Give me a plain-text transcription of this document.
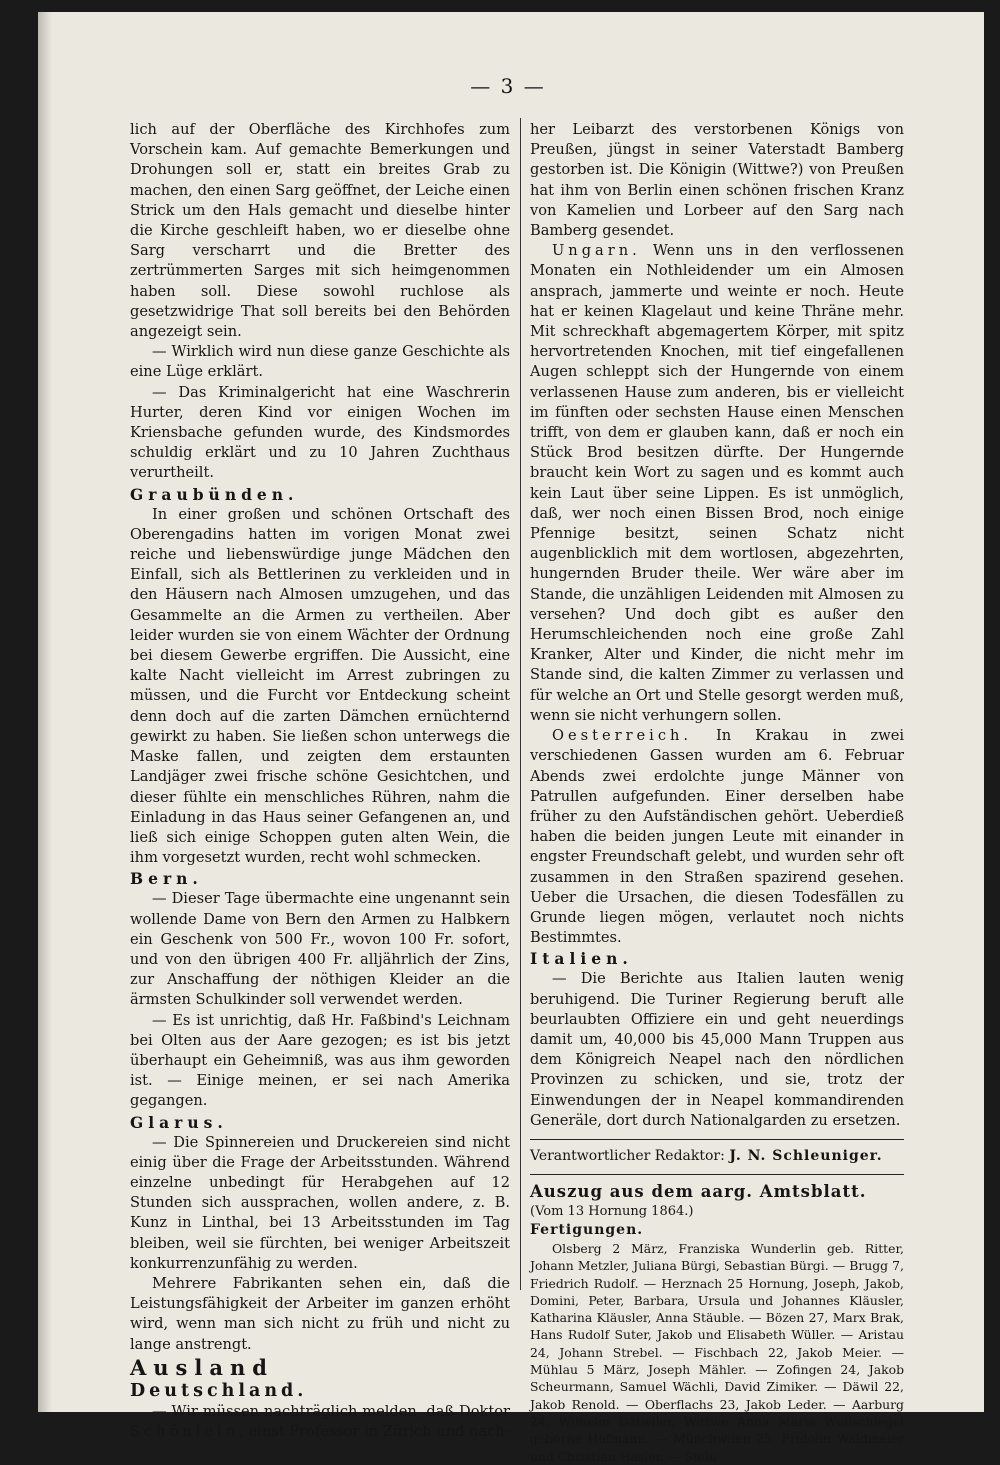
— 3 —

lich auf der Oberfläche des Kirchhofes zum Vorschein kam. Auf gemachte Bemerkungen und Drohungen soll er, statt ein breites Grab zu machen, den einen Sarg geöffnet, der Leiche einen Strick um den Hals gemacht und dieselbe hinter die Kirche geschleift haben, wo er dieselbe ohne Sarg verscharrt und die Bretter des zertrümmerten Sarges mit sich heimgenommen haben soll. Diese sowohl ruchlose als gesetzwidrige That soll bereits bei den Behörden angezeigt sein.

— Wirklich wird nun diese ganze Geschichte als eine Lüge erklärt.

— Das Kriminalgericht hat eine Waschrerin Hurter, deren Kind vor einigen Wochen im Kriensbache gefunden wurde, des Kindsmordes schuldig erklärt und zu 10 Jahren Zuchthaus verurtheilt.

Graubünden.

In einer großen und schönen Ortschaft des Oberengadins hatten im vorigen Monat zwei reiche und liebenswürdige junge Mädchen den Einfall, sich als Bettlerinen zu verkleiden und in den Häusern nach Almosen umzugehen, und das Gesammelte an die Armen zu vertheilen. Aber leider wurden sie von einem Wächter der Ordnung bei diesem Gewerbe ergriffen. Die Aussicht, eine kalte Nacht vielleicht im Arrest zubringen zu müssen, und die Furcht vor Entdeckung scheint denn doch auf die zarten Dämchen ernüchternd gewirkt zu haben. Sie ließen schon unterwegs die Maske fallen, und zeigten dem erstaunten Landjäger zwei frische schöne Gesichtchen, und dieser fühlte ein menschliches Rühren, nahm die Einladung in das Haus seiner Gefangenen an, und ließ sich einige Schoppen guten alten Wein, die ihm vorgesetzt wurden, recht wohl schmecken.

Bern.

— Dieser Tage übermachte eine ungenannt sein wollende Dame von Bern den Armen zu Halbkern ein Geschenk von 500 Fr., wovon 100 Fr. sofort, und von den übrigen 400 Fr. alljährlich der Zins, zur Anschaffung der nöthigen Kleider an die ärmsten Schulkinder soll verwendet werden.

— Es ist unrichtig, daß Hr. Faßbind's Leichnam bei Olten aus der Aare gezogen; es ist bis jetzt überhaupt ein Geheimniß, was aus ihm geworden ist. — Einige meinen, er sei nach Amerika gegangen.

Glarus.

— Die Spinnereien und Druckereien sind nicht einig über die Frage der Arbeitsstunden. Während einzelne unbedingt für Herabgehen auf 12 Stunden sich aussprachen, wollen andere, z. B. Kunz in Linthal, bei 13 Arbeitsstunden im Tag bleiben, weil sie fürchten, bei weniger Arbeitszeit konkurrenzunfähig zu werden.

Mehrere Fabrikanten sehen ein, daß die Leistungsfähigkeit der Arbeiter im ganzen erhöht wird, wenn man sich nicht zu früh und nicht zu lange anstrengt.

Ausland

Deutschland.

— Wir müssen nachträglich melden, daß Doktor Schönlein, einst Professor in Zürich und nach-

her Leibarzt des verstorbenen Königs von Preußen, jüngst in seiner Vaterstadt Bamberg gestorben ist. Die Königin (Wittwe?) von Preußen hat ihm von Berlin einen schönen frischen Kranz von Kamelien und Lorbeer auf den Sarg nach Bamberg gesendet.

Ungarn. Wenn uns in den verflossenen Monaten ein Nothleidender um ein Almosen ansprach, jammerte und weinte er noch. Heute hat er keinen Klagelaut und keine Thräne mehr. Mit schreckhaft abgemagertem Körper, mit spitz hervortretenden Knochen, mit tief eingefallenen Augen schleppt sich der Hungernde von einem verlassenen Hause zum anderen, bis er vielleicht im fünften oder sechsten Hause einen Menschen trifft, von dem er glauben kann, daß er noch ein Stück Brod besitzen dürfte. Der Hungernde braucht kein Wort zu sagen und es kommt auch kein Laut über seine Lippen. Es ist unmöglich, daß, wer noch einen Bissen Brod, noch einige Pfennige besitzt, seinen Schatz nicht augenblicklich mit dem wortlosen, abgezehrten, hungernden Bruder theile. Wer wäre aber im Stande, die unzähligen Leidenden mit Almosen zu versehen? Und doch gibt es außer den Herumschleichenden noch eine große Zahl Kranker, Alter und Kinder, die nicht mehr im Stande sind, die kalten Zimmer zu verlassen und für welche an Ort und Stelle gesorgt werden muß, wenn sie nicht verhungern sollen.

Oesterreich. In Krakau in zwei verschiedenen Gassen wurden am 6. Februar Abends zwei erdolchte junge Männer von Patrullen aufgefunden. Einer derselben habe früher zu den Aufständischen gehört. Ueberdieß haben die beiden jungen Leute mit einander in engster Freundschaft gelebt, und wurden sehr oft zusammen in den Straßen spazirend gesehen. Ueber die Ursachen, die diesen Todesfällen zu Grunde liegen mögen, verlautet noch nichts Bestimmtes.

Italien.

— Die Berichte aus Italien lauten wenig beruhigend. Die Turiner Regierung beruft alle beurlaubten Offiziere ein und geht neuerdings damit um, 40,000 bis 45,000 Mann Truppen aus dem Königreich Neapel nach den nördlichen Provinzen zu schicken, und sie, trotz der Einwendungen der in Neapel kommandirenden Generäle, dort durch Nationalgarden zu ersetzen.

Verantwortlicher Redaktor: J. N. Schleuniger.

Auszug aus dem aarg. Amtsblatt.

(Vom 13 Hornung 1864.)

Fertigungen.

Olsberg 2 März, Franziska Wunderlin geb. Ritter, Johann Metzler, Juliana Bürgi, Sebastian Bürgi. — Brugg 7, Friedrich Rudolf. — Herznach 25 Hornung, Joseph, Jakob, Domini, Peter, Barbara, Ursula und Johannes Kläusler, Katharina Kläusler, Anna Stäuble. — Bözen 27, Marx Brak, Hans Rudolf Suter, Jakob und Elisabeth Wüller. — Aristau 24, Johann Strebel. — Fischbach 22, Jakob Meier. — Mühlau 5 März, Joseph Mähler. — Zofingen 24, Jakob Scheurmann, Samuel Wächli, David Zimiker. — Däwil 22, Jakob Renold. — Oberflachs 23, Jakob Leder. — Aarburg 24, Wilhelm Dätwiler, Wittwe Anna Maria Wullschlegel geborne Hofmann. — Münchwilen 25, Fridolin Waldmeier und Christian Hasler. — Steiu
